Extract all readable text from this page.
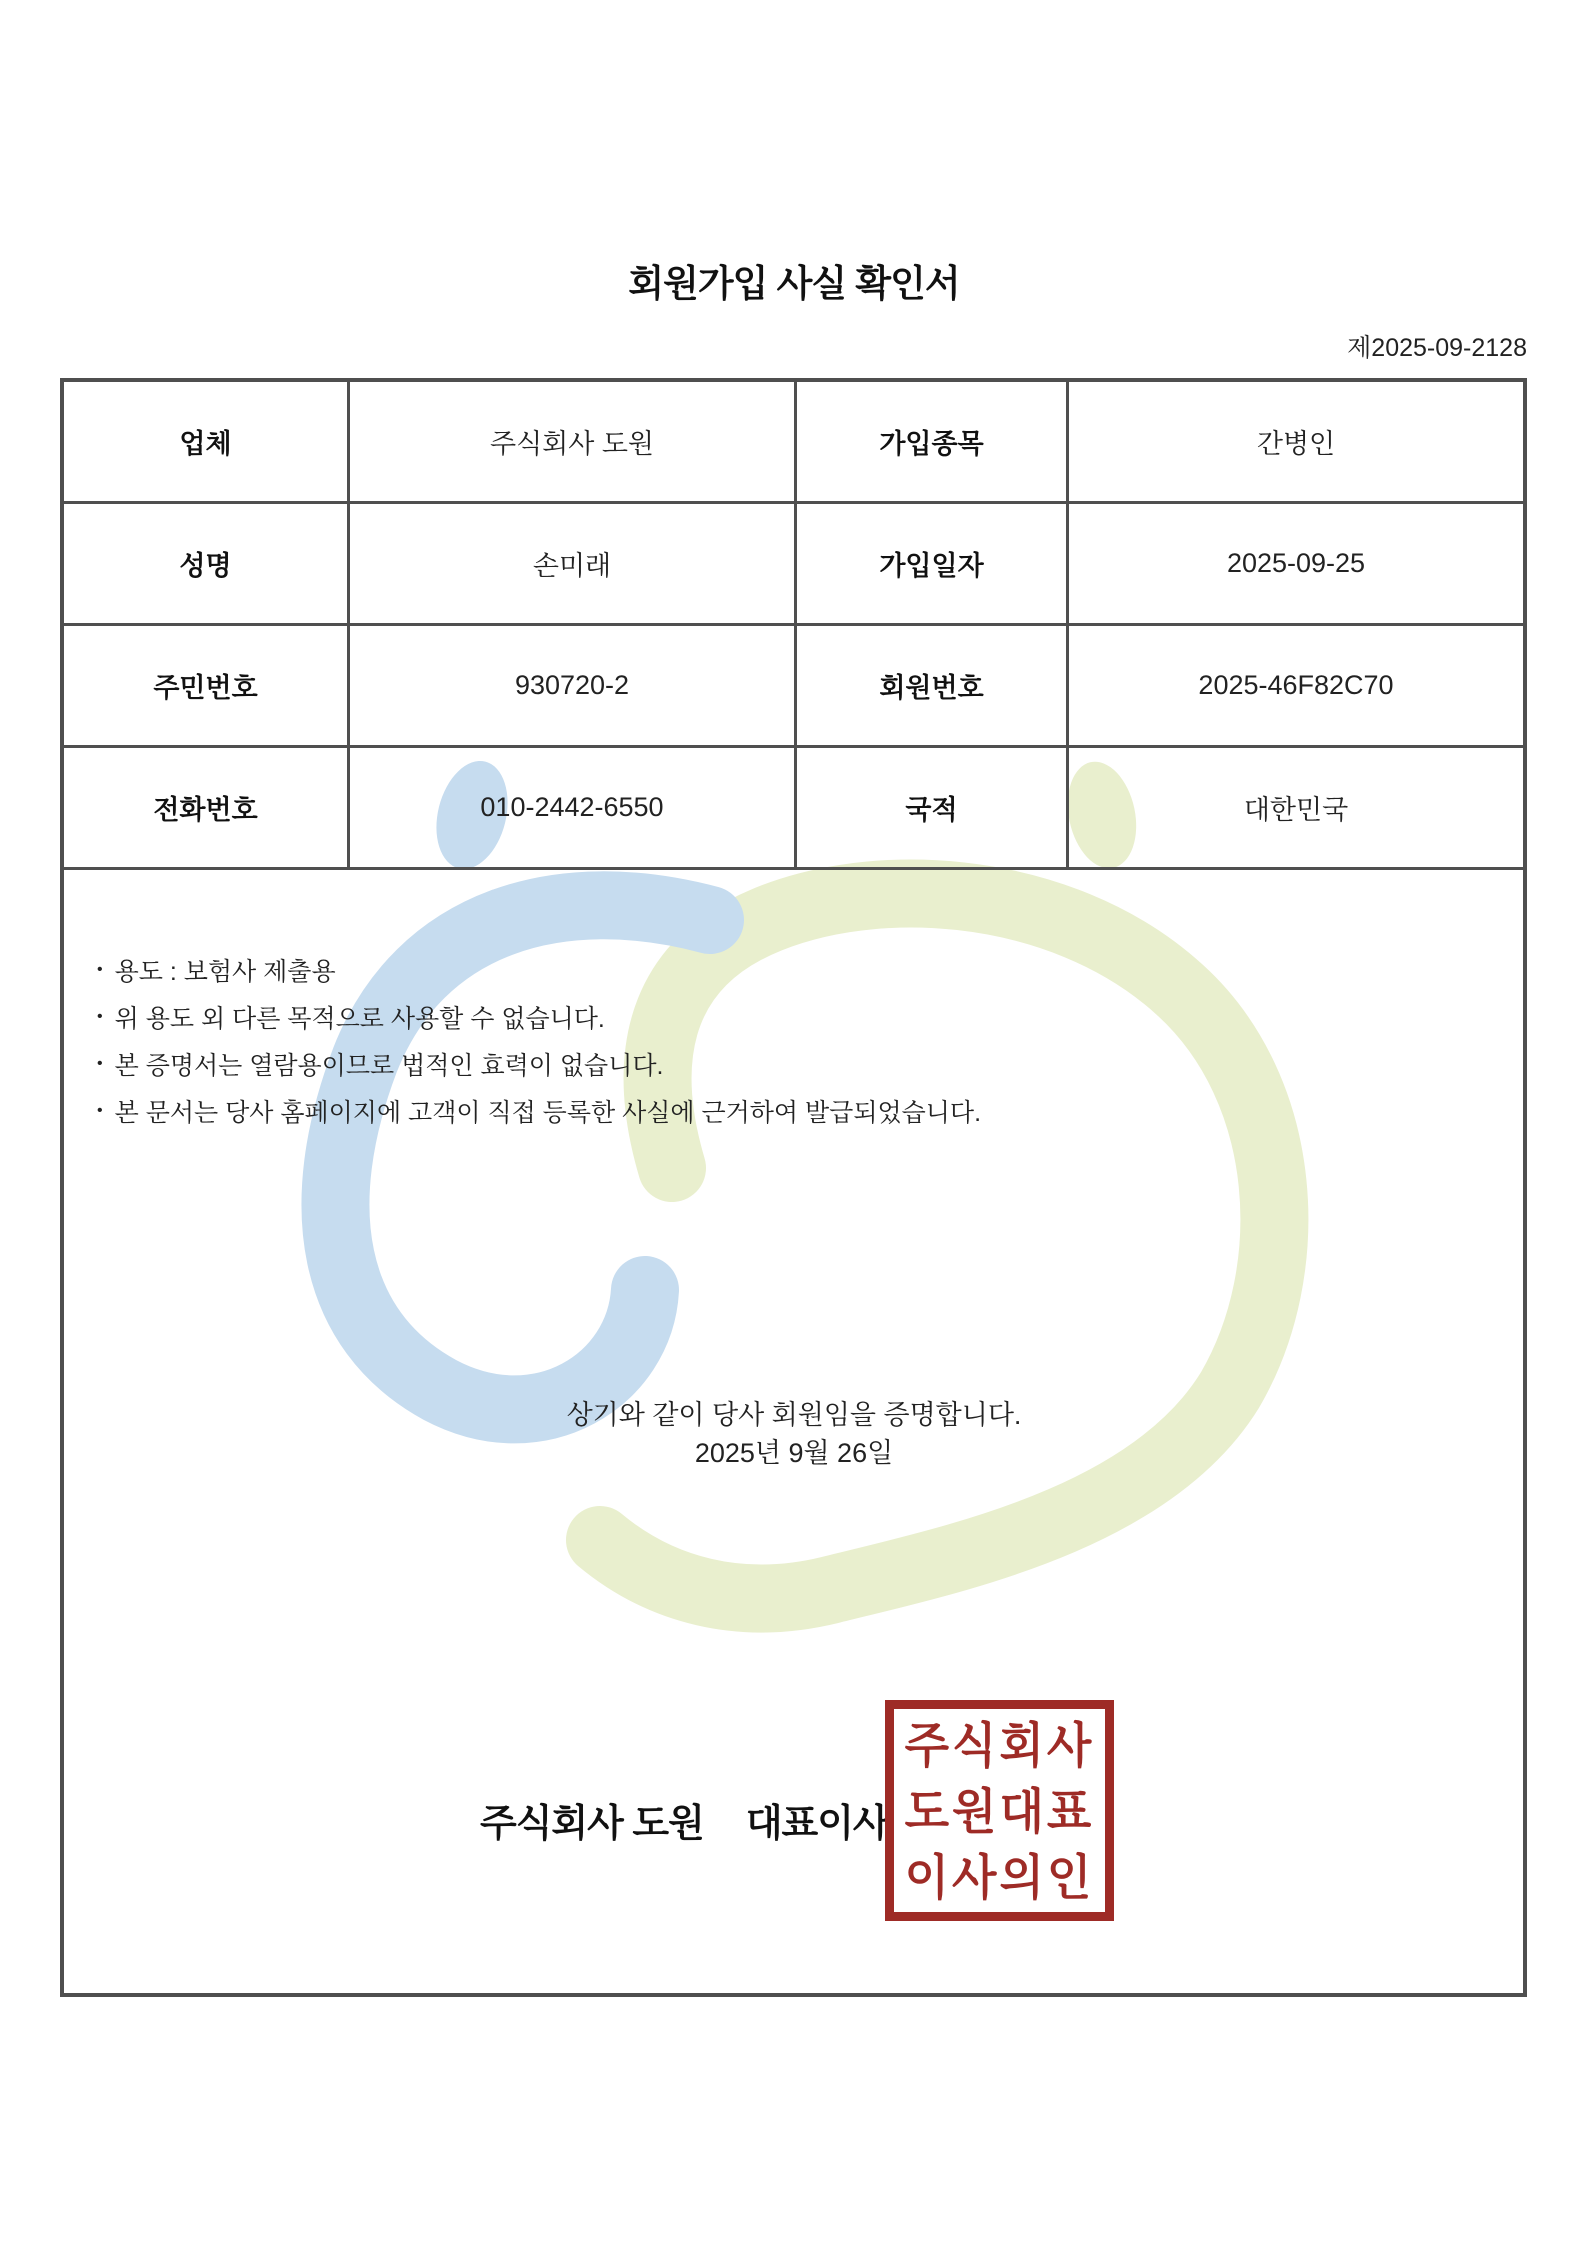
회원가입 사실 확인서
제2025-09-2128
업체	주식회사 도원	가입종목	간병인
성명	손미래	가입일자	2025-09-25
주민번호	930720-2	회원번호	2025-46F82C70
전화번호	010-2442-6550	국적	대한민국
• 용도 : 보험사 제출용
• 위 용도 외 다른 목적으로 사용할 수 없습니다.
• 본 증명서는 열람용이므로 법적인 효력이 없습니다.
• 본 문서는 당사 홈페이지에 고객이 직접 등록한 사실에 근거하여 발급되었습니다.
상기와 같이 당사 회원임을 증명합니다.
2025년 9월 26일
주식회사 도원 대표이사
주식회사
도원대표
이사의인
